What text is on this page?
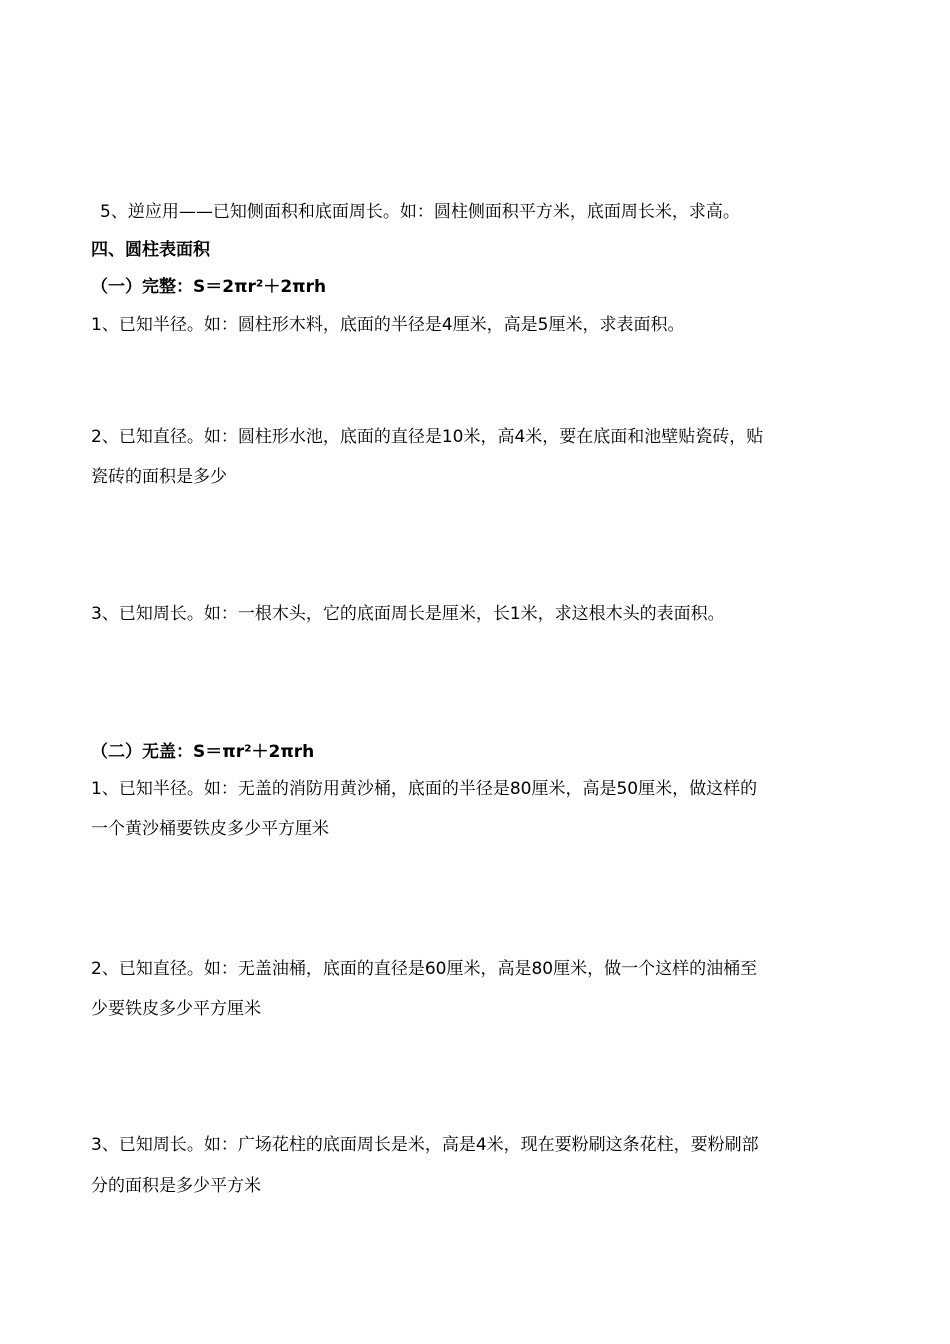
5、逆应用——已知侧面积和底面周长。如：圆柱侧面积平方米，底面周长米，求高。
四、圆柱表面积
（一）完整：S＝2πr²＋2πrh
1、已知半径。如：圆柱形木料，底面的半径是4厘米，高是5厘米，求表面积。
2、已知直径。如：圆柱形水池，底面的直径是10米，高4米，要在底面和池壁贴瓷砖，贴
瓷砖的面积是多少
3、已知周长。如：一根木头，它的底面周长是厘米，长1米，求这根木头的表面积。
（二）无盖：S＝πr²＋2πrh
1、已知半径。如：无盖的消防用黄沙桶，底面的半径是80厘米，高是50厘米，做这样的
一个黄沙桶要铁皮多少平方厘米
2、已知直径。如：无盖油桶，底面的直径是60厘米，高是80厘米，做一个这样的油桶至
少要铁皮多少平方厘米
3、已知周长。如：广场花柱的底面周长是米，高是4米，现在要粉刷这条花柱，要粉刷部
分的面积是多少平方米
